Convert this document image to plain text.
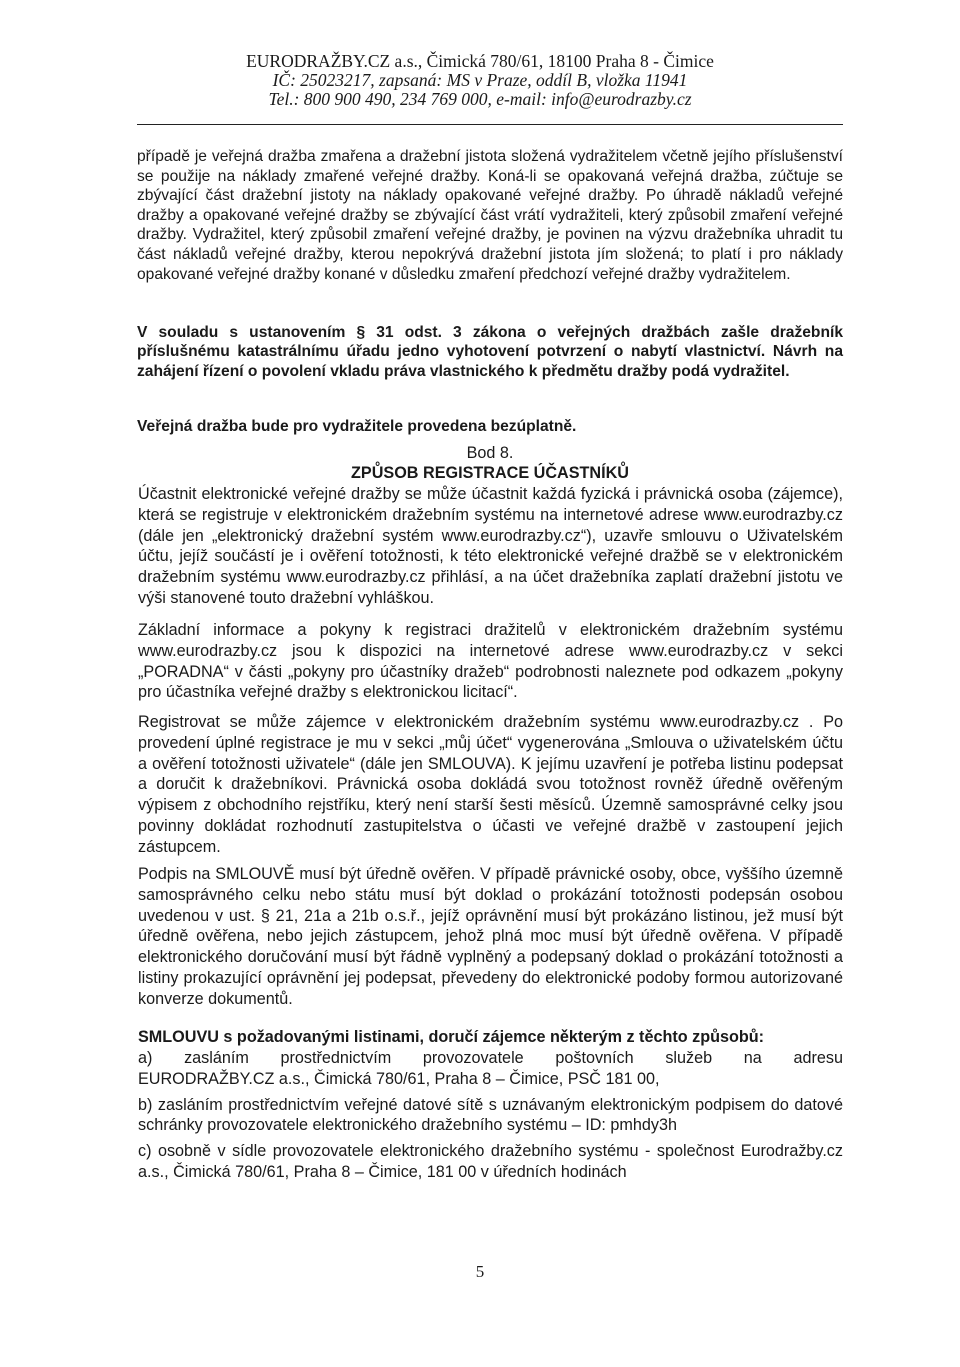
EURODRAŽBY.CZ a.s., Čimická 780/61, 18100 Praha 8 - Čimice
IČ: 25023217, zapsaná: MS v Praze, oddíl B, vložka 11941
Tel.: 800 900 490, 234 769 000, e-mail: info@eurodrazby.cz
případě je veřejná dražba zmařena a dražební jistota složená vydražitelem včetně jejího příslušenství se použije na náklady zmařené veřejné dražby. Koná-li se opakovaná veřejná dražba, zúčtuje se zbývající část dražební jistoty na náklady opakované veřejné dražby. Po úhradě nákladů veřejné dražby a opakované veřejné dražby se zbývající část vrátí vydražiteli, který způsobil zmaření veřejné dražby. Vydražitel, který způsobil zmaření veřejné dražby, je povinen na výzvu dražebníka uhradit tu část nákladů veřejné dražby, kterou nepokrývá dražební jistota jím složená; to platí i pro náklady opakované veřejné dražby konané v důsledku zmaření předchozí veřejné dražby vydražitelem.
V souladu s ustanovením § 31 odst. 3 zákona o veřejných dražbách zašle dražebník příslušnému katastrálnímu úřadu jedno vyhotovení potvrzení o nabytí vlastnictví. Návrh na zahájení řízení o povolení vkladu práva vlastnického k předmětu dražby podá vydražitel.
Veřejná dražba bude pro vydražitele provedena bezúplatně.
Bod 8.
ZPŮSOB REGISTRACE ÚČASTNÍKŮ
Účastnit elektronické veřejné dražby se může účastnit každá fyzická i právnická osoba (zájemce), která se registruje v elektronickém dražebním systému na internetové adrese www.eurodrazby.cz (dále jen „elektronický dražební systém www.eurodrazby.cz“), uzavře smlouvu o Uživatelském účtu, jejíž součástí je i ověření totožnosti, k této elektronické veřejné dražbě se v elektronickém dražebním systému www.eurodrazby.cz přihlásí, a na účet dražebníka zaplatí dražební jistotu ve výši stanovené touto dražební vyhláškou.
Základní informace a pokyny k registraci dražitelů v elektronickém dražebním systému www.eurodrazby.cz jsou k dispozici na internetové adrese www.eurodrazby.cz v sekci „PORADNA“ v části „pokyny pro účastníky dražeb“ podrobnosti naleznete pod odkazem „pokyny pro účastníka veřejné dražby s elektronickou licitací“.
Registrovat se může zájemce v elektronickém dražebním systému www.eurodrazby.cz . Po provedení úplné registrace je mu v sekci „můj účet“ vygenerována „Smlouva o uživatelském účtu a ověření totožnosti uživatele“ (dále jen SMLOUVA). K jejímu uzavření je potřeba listinu podepsat a doručit k dražebníkovi. Právnická osoba dokládá svou totožnost rovněž úředně ověřeným výpisem z obchodního rejstříku, který není starší šesti měsíců. Územně samosprávné celky jsou povinny dokládat rozhodnutí zastupitelstva o účasti ve veřejné dražbě v zastoupení jejich zástupcem.
Podpis na SMLOUVĚ musí být úředně ověřen. V případě právnické osoby, obce, vyššího územně samosprávného celku nebo státu musí být doklad o prokázání totožnosti podepsán osobou uvedenou v ust. § 21, 21a a 21b o.s.ř., jejíž oprávnění musí být prokázáno listinou, jež musí být úředně ověřena, nebo jejich zástupcem, jehož plná moc musí být úředně ověřena. V případě elektronického doručování musí být řádně vyplněný a podepsaný doklad o prokázání totožnosti a listiny prokazující oprávnění jej podepsat, převedeny do elektronické podoby formou autorizované konverze dokumentů.
SMLOUVU s požadovanými listinami, doručí zájemce některým z těchto způsobů:
a) zasláním prostřednictvím provozovatele poštovních služeb na adresu
EURODRAŽBY.CZ a.s., Čimická 780/61, Praha 8 – Čimice, PSČ 181 00,
b) zasláním prostřednictvím veřejné datové sítě s uznávaným elektronickým podpisem do datové schránky provozovatele elektronického dražebního systému – ID: pmhdy3h
c) osobně v sídle provozovatele elektronického dražebního systému - společnost Eurodražby.cz a.s., Čimická 780/61, Praha 8 – Čimice, 181 00 v úředních hodinách
5
